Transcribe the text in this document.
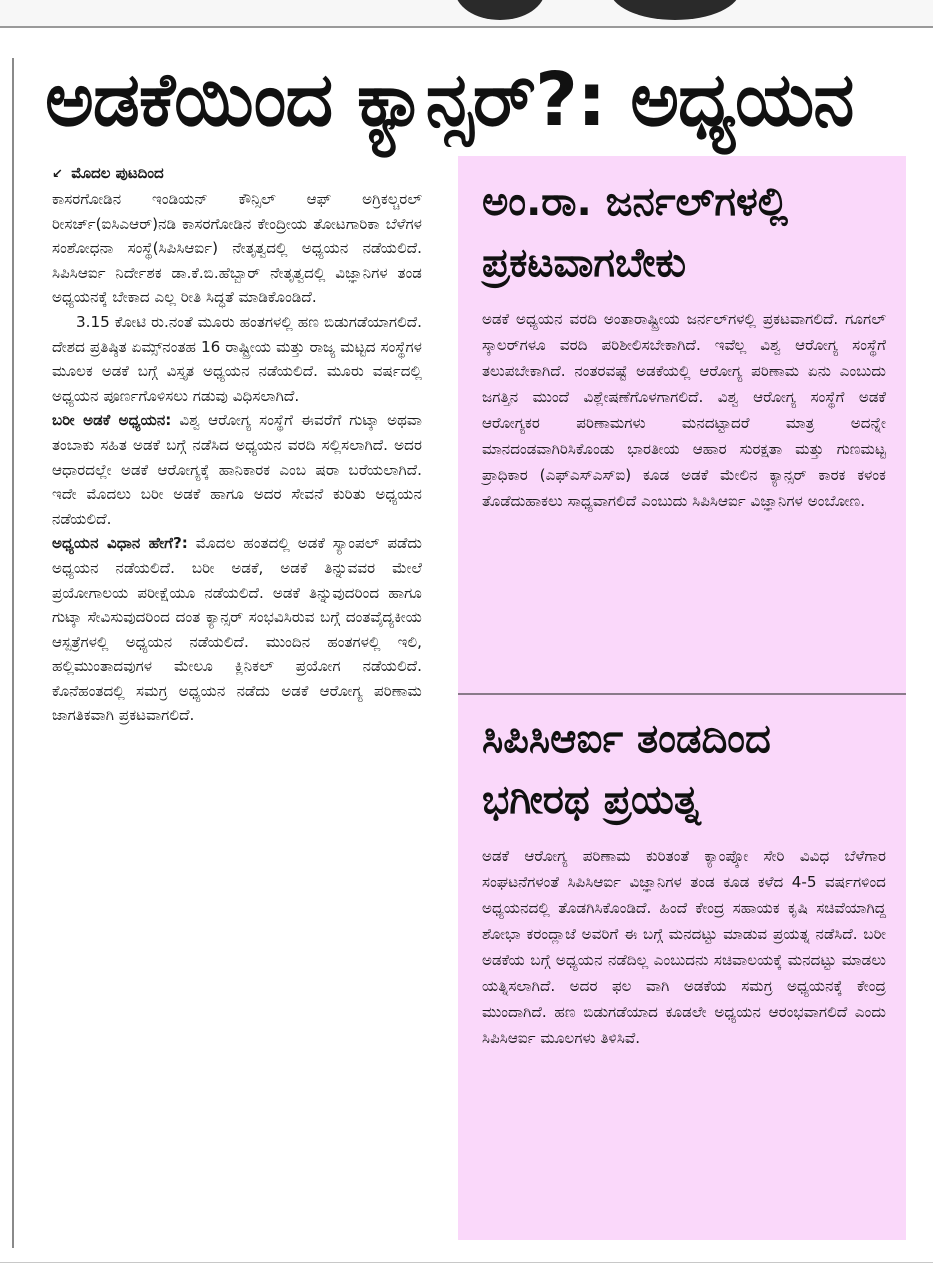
ಅಡಕೆಯಿಂದ ಕ್ಯಾನ್ಸರ್?: ಅಧ್ಯಯನ
↙ ಮೊದಲ ಪುಟದಿಂದ

ಕಾಸರಗೋಡಿನ ಇಂಡಿಯನ್ ಕೌನ್ಸಿಲ್ ಆಫ್ ಅಗ್ರಿಕಲ್ಚರಲ್ ರೀಸರ್ಚ್(ಐಸಿಎಆರ್)ನಡಿ ಕಾಸರಗೋಡಿನ ಕೇಂದ್ರೀಯ ತೋಟಗಾರಿಕಾ ಬೆಳೆಗಳ ಸಂಶೋಧನಾ ಸಂಸ್ಥೆ(ಸಿಪಿಸಿಆರ್ಐ) ನೇತೃತ್ವದಲ್ಲಿ ಅಧ್ಯಯನ ನಡೆಯಲಿದೆ. ಸಿಪಿಸಿಆರ್ಐ ನಿರ್ದೇಶಕ ಡಾ.ಕೆ.ಬಿ.ಹೆಬ್ಬಾರ್ ನೇತೃತ್ವದಲ್ಲಿ ವಿಜ್ಞಾನಿಗಳ ತಂಡ ಅಧ್ಯಯನಕ್ಕೆ ಬೇಕಾದ ಎಲ್ಲ ರೀತಿ ಸಿದ್ಧತೆ ಮಾಡಿಕೊಂಡಿದೆ.

3.15 ಕೋಟಿ ರು.ನಂತೆ ಮೂರು ಹಂತಗಳಲ್ಲಿ ಹಣ ಬಿಡುಗಡೆಯಾಗಲಿದೆ. ದೇಶದ ಪ್ರತಿಷ್ಠಿತ ಏಮ್ಸ್‌ನಂತಹ 16 ರಾಷ್ಟ್ರೀಯ ಮತ್ತು ರಾಜ್ಯ ಮಟ್ಟದ ಸಂಸ್ಥೆಗಳ ಮೂಲಕ ಅಡಕೆ ಬಗ್ಗೆ ವಿಸ್ತೃತ ಅಧ್ಯಯನ ನಡೆಯಲಿದೆ. ಮೂರು ವರ್ಷದಲ್ಲಿ ಅಧ್ಯಯನ ಪೂರ್ಣಗೊಳಿಸಲು ಗಡುವು ವಿಧಿಸಲಾಗಿದೆ.

ಬರೀ ಅಡಕೆ ಅಧ್ಯಯನ: ವಿಶ್ವ ಆರೋಗ್ಯ ಸಂಸ್ಥೆಗೆ ಈವರೆಗೆ ಗುಟ್ಕಾ ಅಥವಾ ತಂಬಾಕು ಸಹಿತ ಅಡಕೆ ಬಗ್ಗೆ ನಡೆಸಿದ ಅಧ್ಯಯನ ವರದಿ ಸಲ್ಲಿಸಲಾಗಿದೆ. ಅದರ ಆಧಾರದಲ್ಲೇ ಅಡಕೆ ಆರೋಗ್ಯಕ್ಕೆ ಹಾನಿಕಾರಕ ಎಂಬ ಷರಾ ಬರೆಯಲಾಗಿದೆ. ಇದೇ ಮೊದಲು ಬರೀ ಅಡಕೆ ಹಾಗೂ ಅದರ ಸೇವನೆ ಕುರಿತು ಅಧ್ಯಯನ ನಡೆಯಲಿದೆ.

ಅಧ್ಯಯನ ವಿಧಾನ ಹೇಗೆ?: ಮೊದಲ ಹಂತದಲ್ಲಿ ಅಡಕೆ ಸ್ಯಾಂಪಲ್ ಪಡೆದು ಅಧ್ಯಯನ ನಡೆಯಲಿದೆ. ಬರೀ ಅಡಕೆ, ಅಡಕೆ ತಿನ್ನುವವರ ಮೇಲೆ ಪ್ರಯೋಗಾಲಯ ಪರೀಕ್ಷೆಯೂ ನಡೆಯಲಿದೆ. ಅಡಕೆ ತಿನ್ನುವುದರಿಂದ ಹಾಗೂ ಗುಟ್ಕಾ ಸೇವಿಸುವುದರಿಂದ ದಂತ ಕ್ಯಾನ್ಸರ್ ಸಂಭವಿಸಿರುವ ಬಗ್ಗೆ ದಂತವೈದ್ಯಕೀಯ ಆಸ್ಪತ್ರೆಗಳಲ್ಲಿ ಅಧ್ಯಯನ ನಡೆಯಲಿದೆ. ಮುಂದಿನ ಹಂತಗಳಲ್ಲಿ ಇಲಿ, ಹಲ್ಲಿಮುಂತಾದವುಗಳ ಮೇಲೂ ಕ್ಲಿನಿಕಲ್ ಪ್ರಯೋಗ ನಡೆಯಲಿದೆ. ಕೊನೆಹಂತದಲ್ಲಿ ಸಮಗ್ರ ಅಧ್ಯಯನ ನಡೆದು ಅಡಕೆ ಆರೋಗ್ಯ ಪರಿಣಾಮ ಜಾಗತಿಕವಾಗಿ ಪ್ರಕಟವಾಗಲಿದೆ.

ಅಂ.ರಾ. ಜರ್ನಲ್‌ಗಳಲ್ಲಿ ಪ್ರಕಟವಾಗಬೇಕು

ಅಡಕೆ ಅಧ್ಯಯನ ವರದಿ ಅಂತಾರಾಷ್ಟ್ರೀಯ ಜರ್ನಲ್‌ಗಳಲ್ಲಿ ಪ್ರಕಟವಾಗಲಿದೆ. ಗೂಗಲ್ ಸ್ಕಾಲರ್‌ಗಳೂ ವರದಿ ಪರಿಶೀಲಿಸಬೇಕಾಗಿದೆ. ಇವೆಲ್ಲ ವಿಶ್ವ ಆರೋಗ್ಯ ಸಂಸ್ಥೆಗೆ ತಲುಪಬೇಕಾಗಿದೆ. ನಂತರವಷ್ಟೆ ಅಡಕೆಯಲ್ಲಿ ಆರೋಗ್ಯ ಪರಿಣಾಮ ಏನು ಎಂಬುದು ಜಗತ್ತಿನ ಮುಂದೆ ವಿಶ್ಲೇಷಣೆಗೊಳಗಾಗಲಿದೆ. ವಿಶ್ವ ಆರೋಗ್ಯ ಸಂಸ್ಥೆಗೆ ಅಡಕೆ ಆರೋಗ್ಯಕರ ಪರಿಣಾಮಗಳು ಮನದಟ್ಟಾದರೆ ಮಾತ್ರ ಅದನ್ನೇ ಮಾನದಂಡವಾಗಿರಿಸಿಕೊಂಡು ಭಾರತೀಯ ಆಹಾರ ಸುರಕ್ಷತಾ ಮತ್ತು ಗುಣಮಟ್ಟ ಪ್ರಾಧಿಕಾರ (ಎಫ್ಎಸ್ಎಸ್ಐ) ಕೂಡ ಅಡಕೆ ಮೇಲಿನ ಕ್ಯಾನ್ಸರ್ ಕಾರಕ ಕಳಂಕ ತೊಡೆದುಹಾಕಲು ಸಾಧ್ಯವಾಗಲಿದೆ ಎಂಬುದು ಸಿಪಿಸಿಆರ್ಐ ವಿಜ್ಞಾನಿಗಳ ಅಂಬೋಣ.

ಸಿಪಿಸಿಆರ್ಐ ತಂಡದಿಂದ ಭಗೀರಥ ಪ್ರಯತ್ನ

ಅಡಕೆ ಆರೋಗ್ಯ ಪರಿಣಾಮ ಕುರಿತಂತೆ ಕ್ಯಾಂಪ್ಕೋ ಸೇರಿ ವಿವಿಧ ಬೆಳೆಗಾರ ಸಂಘಟನೆಗಳಂತೆ ಸಿಪಿಸಿಆರ್ಐ ವಿಜ್ಞಾನಿಗಳ ತಂಡ ಕೂಡ ಕಳೆದ 4-5 ವರ್ಷಗಳಿಂದ ಅಧ್ಯಯನದಲ್ಲಿ ತೊಡಗಿಸಿಕೊಂಡಿದೆ. ಹಿಂದೆ ಕೇಂದ್ರ ಸಹಾಯಕ ಕೃಷಿ ಸಚಿವೆಯಾಗಿದ್ದ ಶೋಭಾ ಕರಂದ್ಲಾಜೆ ಅವರಿಗೆ ಈ ಬಗ್ಗೆ ಮನದಟ್ಟು ಮಾಡುವ ಪ್ರಯತ್ನ ನಡೆಸಿದೆ. ಬರೀ ಅಡಕೆಯ ಬಗ್ಗೆ ಅಧ್ಯಯನ ನಡೆದಿಲ್ಲ ಎಂಬುದನು ಸಚಿವಾಲಯಕ್ಕೆ ಮನದಟ್ಟು ಮಾಡಲು ಯತ್ನಿಸಲಾಗಿದೆ. ಅದರ ಫಲ ವಾಗಿ ಅಡಕೆಯ ಸಮಗ್ರ ಅಧ್ಯಯನಕ್ಕೆ ಕೇಂದ್ರ ಮುಂದಾಗಿದೆ. ಹಣ ಬಿಡುಗಡೆಯಾದ ಕೂಡಲೇ ಅಧ್ಯಯನ ಆರಂಭವಾಗಲಿದೆ ಎಂದು ಸಿಪಿಸಿಆರ್ಐ ಮೂಲಗಳು ತಿಳಿಸಿವೆ.
